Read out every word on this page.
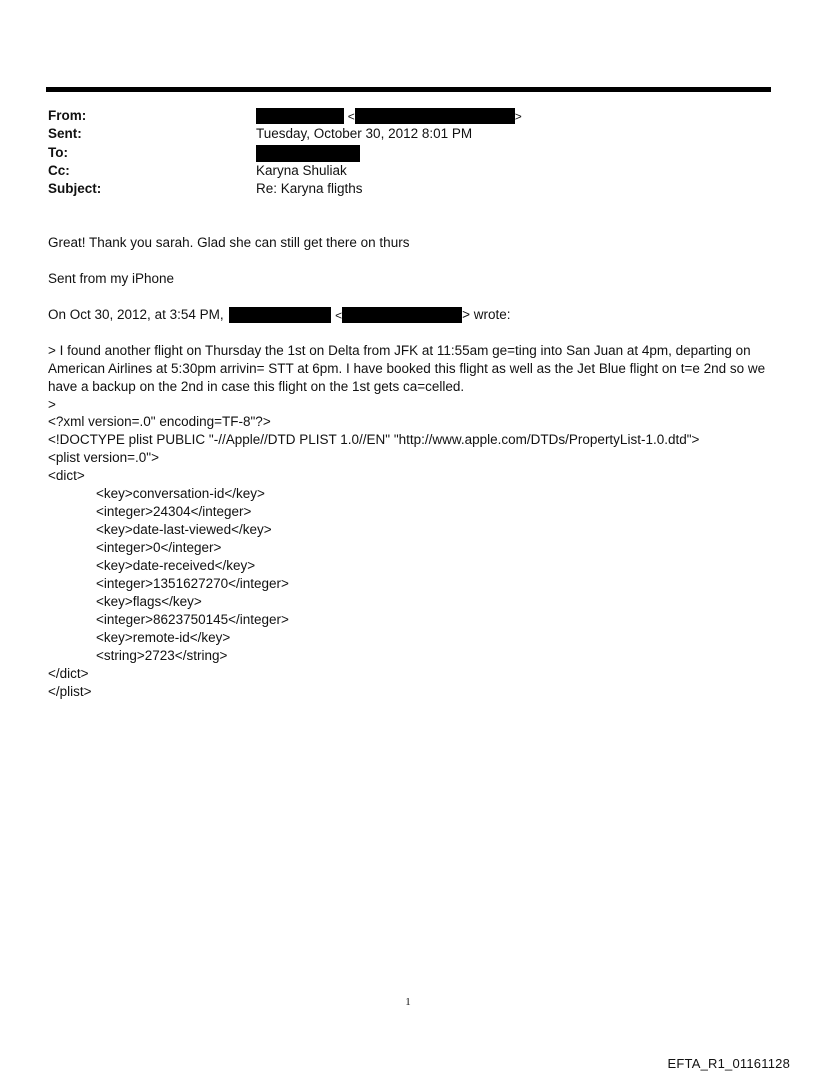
From:	<	>
Sent:	Tuesday, October 30, 2012 8:01 PM
To:
Cc:	Karyna Shuliak
Subject:	Re: Karyna fligths
Great! Thank you sarah. Glad she can still get there on thurs
Sent from my iPhone
On Oct 30, 2012, at 3:54 PM,	<	> wrote:
> I found another flight on Thursday the 1st on Delta from JFK at 11:55am ge=ting into San Juan at 4pm, departing on
American Airlines at 5:30pm arrivin= STT at 6pm. I have booked this flight as well as the Jet Blue flight on t=e 2nd so we
have a backup on the 2nd in case this flight on the 1st gets ca=celled.
>
<?xml version=.0" encoding=TF-8"?>
<!DOCTYPE plist PUBLIC "-//Apple//DTD PLIST 1.0//EN" "http://www.apple.com/DTDs/PropertyList-1.0.dtd">
<plist version=.0">
<dict>
<key>conversation-id</key>
<integer>24304</integer>
<key>date-last-viewed</key>
<integer>0</integer>
<key>date-received</key>
<integer>1351627270</integer>
<key>flags</key>
<integer>8623750145</integer>
<key>remote-id</key>
<string>2723</string>
</dict>
</plist>
1
EFTA_R1_01161128
